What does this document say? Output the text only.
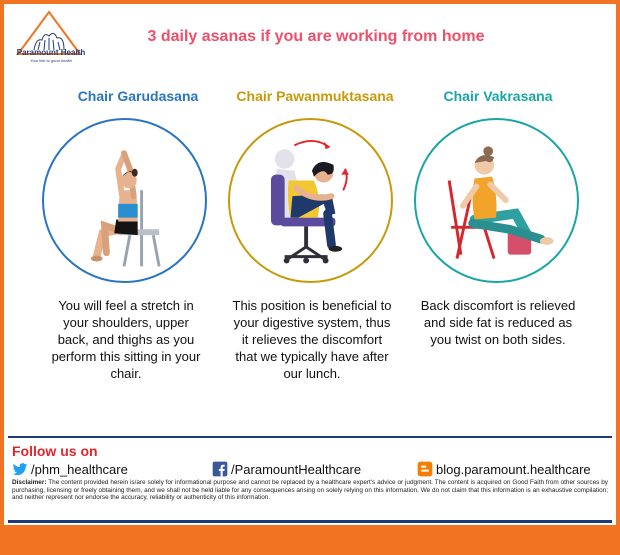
Paramount Health
Your link to good health
3 daily asanas if you are working from home
Chair Garudasana	Chair Pawanmuktasana	Chair Vakrasana
You will feel a stretch in your shoulders, upper back, and thighs as you perform this sitting in your chair.
This position is beneficial to your digestive system, thus it relieves the discomfort that we typically have after our lunch.
Back discomfort is relieved and side fat is reduced as you twist on both sides.
Follow us on
/phm_healthcare	/ParamountHealthcare	blog.paramount.healthcare
Disclaimer: The content provided herein is/are solely for informational purpose and cannot be replaced by a healthcare expert's advice or judgment. The content is acquired on Good Faith from other sources by purchasing, licensing or freely obtaining them, and we shall not be held liable for any consequences arising on solely relying on this information. We do not claim that this information is an exhaustive compilation; and neither represent nor endorse the accuracy, reliability or authenticity of this information.
